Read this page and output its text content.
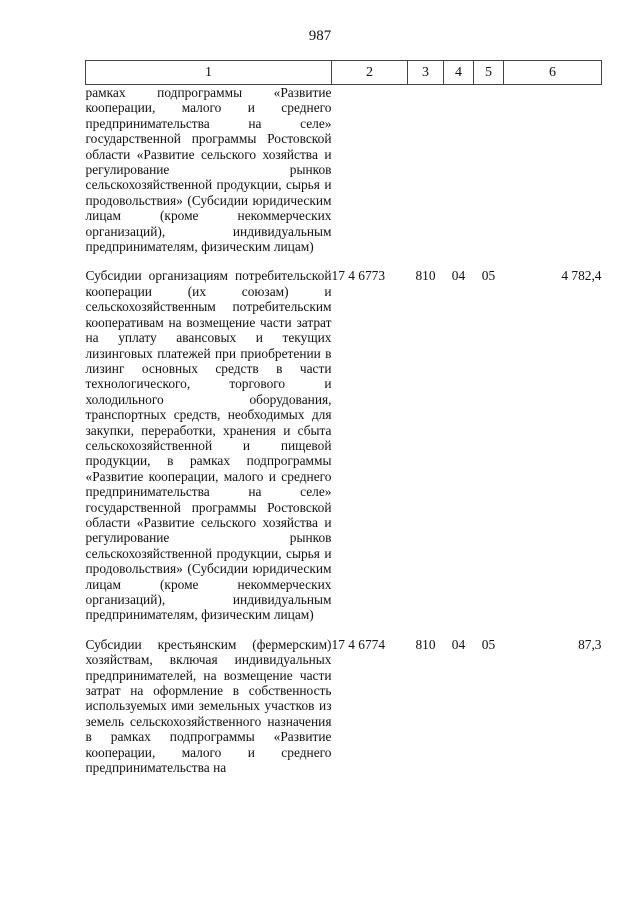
987
1	2	3	4	5	6
рамках подпрограммы «Развитие кооперации, малого и среднего предпринимательства на селе» государственной программы Ростовской области «Развитие сельского хозяйства и регулирование рынков сельскохозяйственной продукции, сырья и продовольствия» (Субсидии юридическим лицам (кроме некоммерческих организаций), индивидуальным предпринимателям, физическим лицам)					

Субсидии организациям потребительской кооперации (их союзам) и сельскохозяйственным потребительским кооперативам на возмещение части затрат на уплату авансовых и текущих лизинговых платежей при приобретении в лизинг основных средств в части технологического, торгового и холодильного оборудования, транспортных средств, необходимых для закупки, переработки, хранения и сбыта сельскохозяйственной и пищевой продукции, в рамках подпрограммы «Развитие кооперации, малого и среднего предпринимательства на селе» государственной программы Ростовской области «Развитие сельского хозяйства и регулирование рынков сельскохозяйственной продукции, сырья и продовольствия» (Субсидии юридическим лицам (кроме некоммерческих организаций), индивидуальным предпринимателям, физическим лицам)	17 4 6773	810	04	05	4 782,4

Субсидии крестьянским (фермерским) хозяйствам, включая индивидуальных предпринимателей, на возмещение части затрат на оформление в собственность используемых ими земельных участков из земель сельскохозяйственного назначения в рамках подпрограммы «Развитие кооперации, малого и среднего предпринимательства на	17 4 6774	810	04	05	87,3
